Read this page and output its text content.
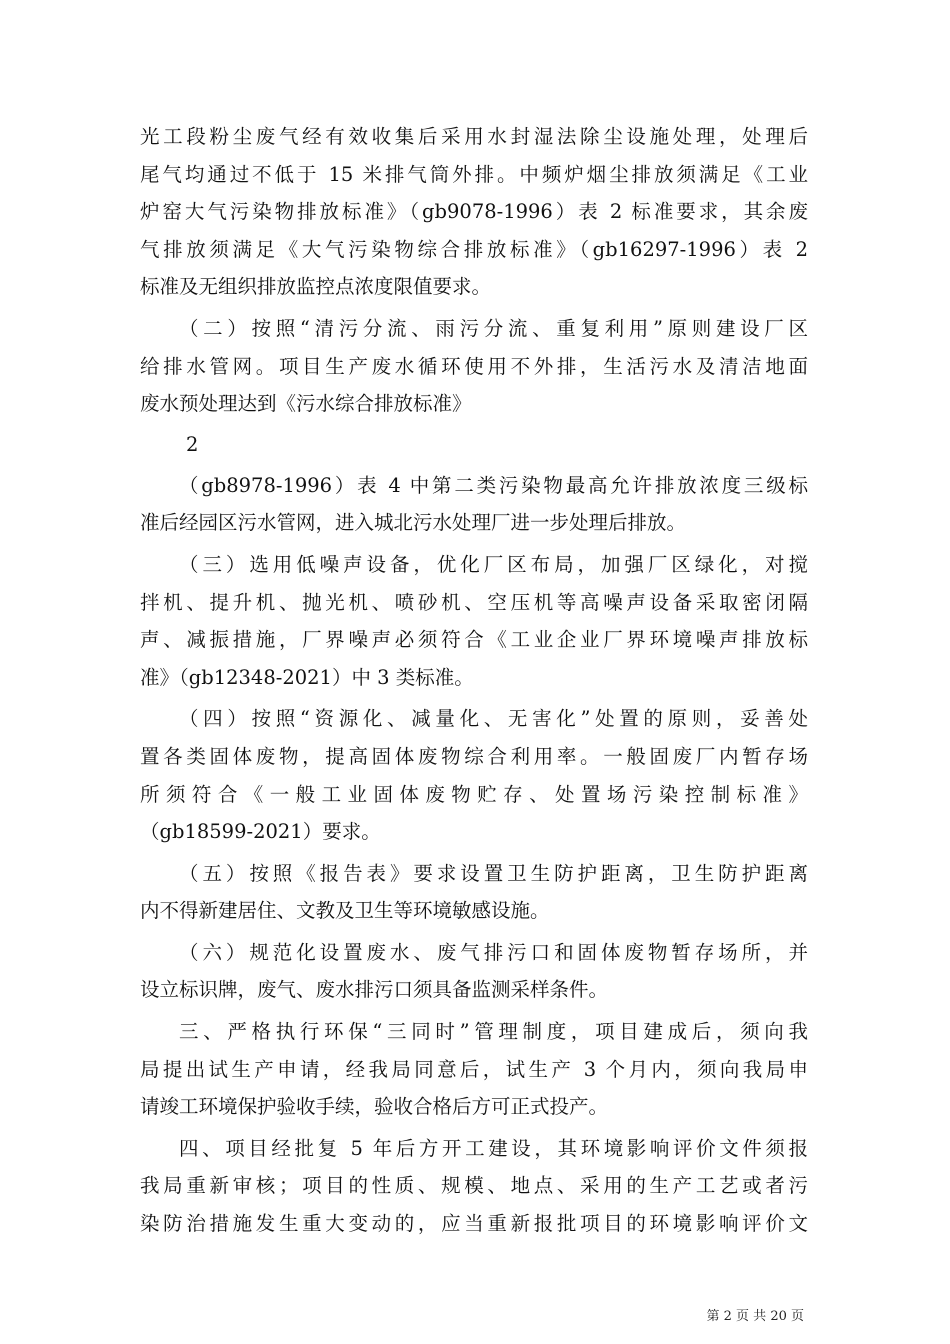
光工段粉尘废气经有效收集后采用水封湿法除尘设施处理，处理后
尾气均通过不低于 15 米排气筒外排。中频炉烟尘排放须满足《工业
炉窑大气污染物排放标准》（gb9078-1996）表 2 标准要求，其余废
气排放须满足《大气污染物综合排放标准》（gb16297-1996）表 2
标准及无组织排放监控点浓度限值要求。
（二）按照“清污分流、雨污分流、重复利用”原则建设厂区
给排水管网。项目生产废水循环使用不外排，生活污水及清洁地面
废水预处理达到《污水综合排放标准》
2
（gb8978-1996）表 4 中第二类污染物最高允许排放浓度三级标
准后经园区污水管网，进入城北污水处理厂进一步处理后排放。
（三）选用低噪声设备，优化厂区布局，加强厂区绿化，对搅
拌机、提升机、抛光机、喷砂机、空压机等高噪声设备采取密闭隔
声、减振措施，厂界噪声必须符合《工业企业厂界环境噪声排放标
准》（gb12348-2021）中 3 类标准。
（四）按照“资源化、减量化、无害化”处置的原则，妥善处
置各类固体废物，提高固体废物综合利用率。一般固废厂内暂存场
所须符合《一般工业固体废物贮存、处置场污染控制标准》
（gb18599-2021）要求。
（五）按照《报告表》要求设置卫生防护距离，卫生防护距离
内不得新建居住、文教及卫生等环境敏感设施。
（六）规范化设置废水、废气排污口和固体废物暂存场所，并
设立标识牌，废气、废水排污口须具备监测采样条件。
三、严格执行环保“三同时”管理制度，项目建成后，须向我
局提出试生产申请，经我局同意后，试生产 3 个月内，须向我局申
请竣工环境保护验收手续，验收合格后方可正式投产。
四、项目经批复 5 年后方开工建设，其环境影响评价文件须报
我局重新审核；项目的性质、规模、地点、采用的生产工艺或者污
染防治措施发生重大变动的，应当重新报批项目的环境影响评价文
第 2 页 共 20 页
